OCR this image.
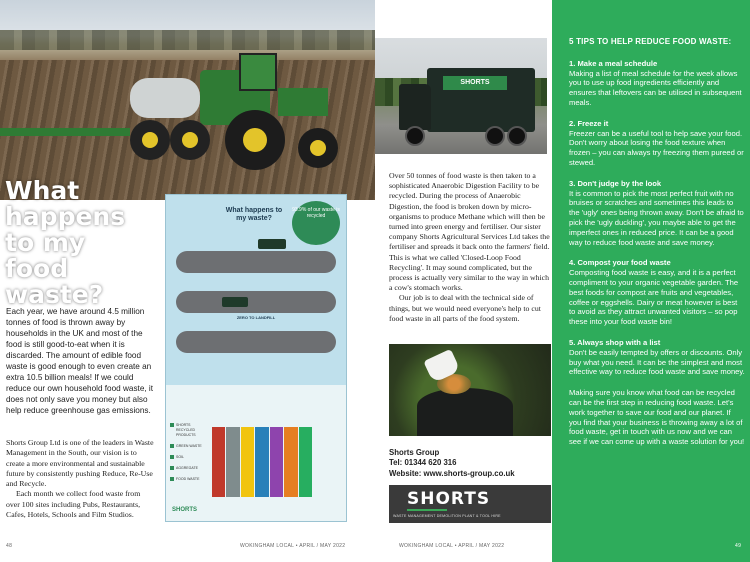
What
happens
to my
food waste?

Each year, we have around 4.5 million tonnes of food is thrown away by households in the UK and most of the food is still good-to-eat when it is discarded. The amount of edible food waste is good enough to even create an extra 10.5 billion meals! If we could reduce our own household food waste, it does not only save you money but also help reduce greenhouse gas emissions.

Shorts Group Ltd is one of the leaders in Waste Management in the South, our vision is to create a more environmental and sustainable future by consistently pushing Reduce, Re-Use and Recycle.

Each month we collect food waste from over 100 sites including Pubs, Restaurants, Cafes, Hotels, Schools and Film Studios.

What happens to my waste?
93.9% of our waste is recycled
ZERO TO LANDFILL
SHORTS RECYCLED PRODUCTS
GREEN WASTE
SOIL
AGGREGATE
FOOD WASTE
SHORTS
48	WOKINGHAM LOCAL • APRIL / MAY 2022
SHORTS

Over 50 tonnes of food waste is then taken to a sophisticated Anaerobic Digestion Facility to be recycled. During the process of Anaerobic Digestion, the food is broken down by micro-organisms to produce Methane which will then be turned into green energy and fertiliser. Our sister company Shorts Agricultural Services Ltd takes the fertiliser and spreads it back onto the farmers' field. This is what we called 'Closed-Loop Food Recycling'. It may sound complicated, but the process is actually very similar to the way in which a cow's stomach works.

Our job is to deal with the technical side of things, but we would need everyone's help to cut food waste in all parts of the food system.

Shorts Group
Tel: 01344 620 316
Website: www.shorts-group.co.uk
SHORTS
WASTE MANAGEMENT DEMOLITION PLANT & TOOL HIRE
5 TIPS TO HELP REDUCE FOOD WASTE:

1. Make a meal schedule

Making a list of meal schedule for the week allows you to use up food ingredients efficiently and ensures that leftovers can be utilised in subsequent meals.

2. Freeze it

Freezer can be a useful tool to help save your food. Don't worry about losing the food texture when frozen – you can always try freezing them pureed or stewed.

3. Don't judge by the look

It is common to pick the most perfect fruit with no bruises or scratches and sometimes this leads to the 'ugly' ones being thrown away. Don't be afraid to pick the 'ugly duckling', you maybe able to get the imperfect ones in reduced price. It can be a good way to reduce food waste and save money.

4. Compost your food waste

Composting food waste is easy, and it is a perfect compliment to your organic vegetable garden. The best foods for compost are fruits and vegetables, coffee or eggshells. Dairy or meat however is best to avoid as they attract unwanted visitors – so pop these into your food waste bin!

5. Always shop with a list

Don't be easily tempted by offers or discounts. Only buy what you need. It can be the simplest and most effective way to reduce food waste and save money.

Making sure you know what food can be recycled can be the first step in reducing food waste. Let's work together to save our food and our planet. If you find that your business is throwing away a lot of food waste, get in touch with us now and we can see if we can come up with a waste solution for you!

WOKINGHAM LOCAL • APRIL / MAY 2022	49
